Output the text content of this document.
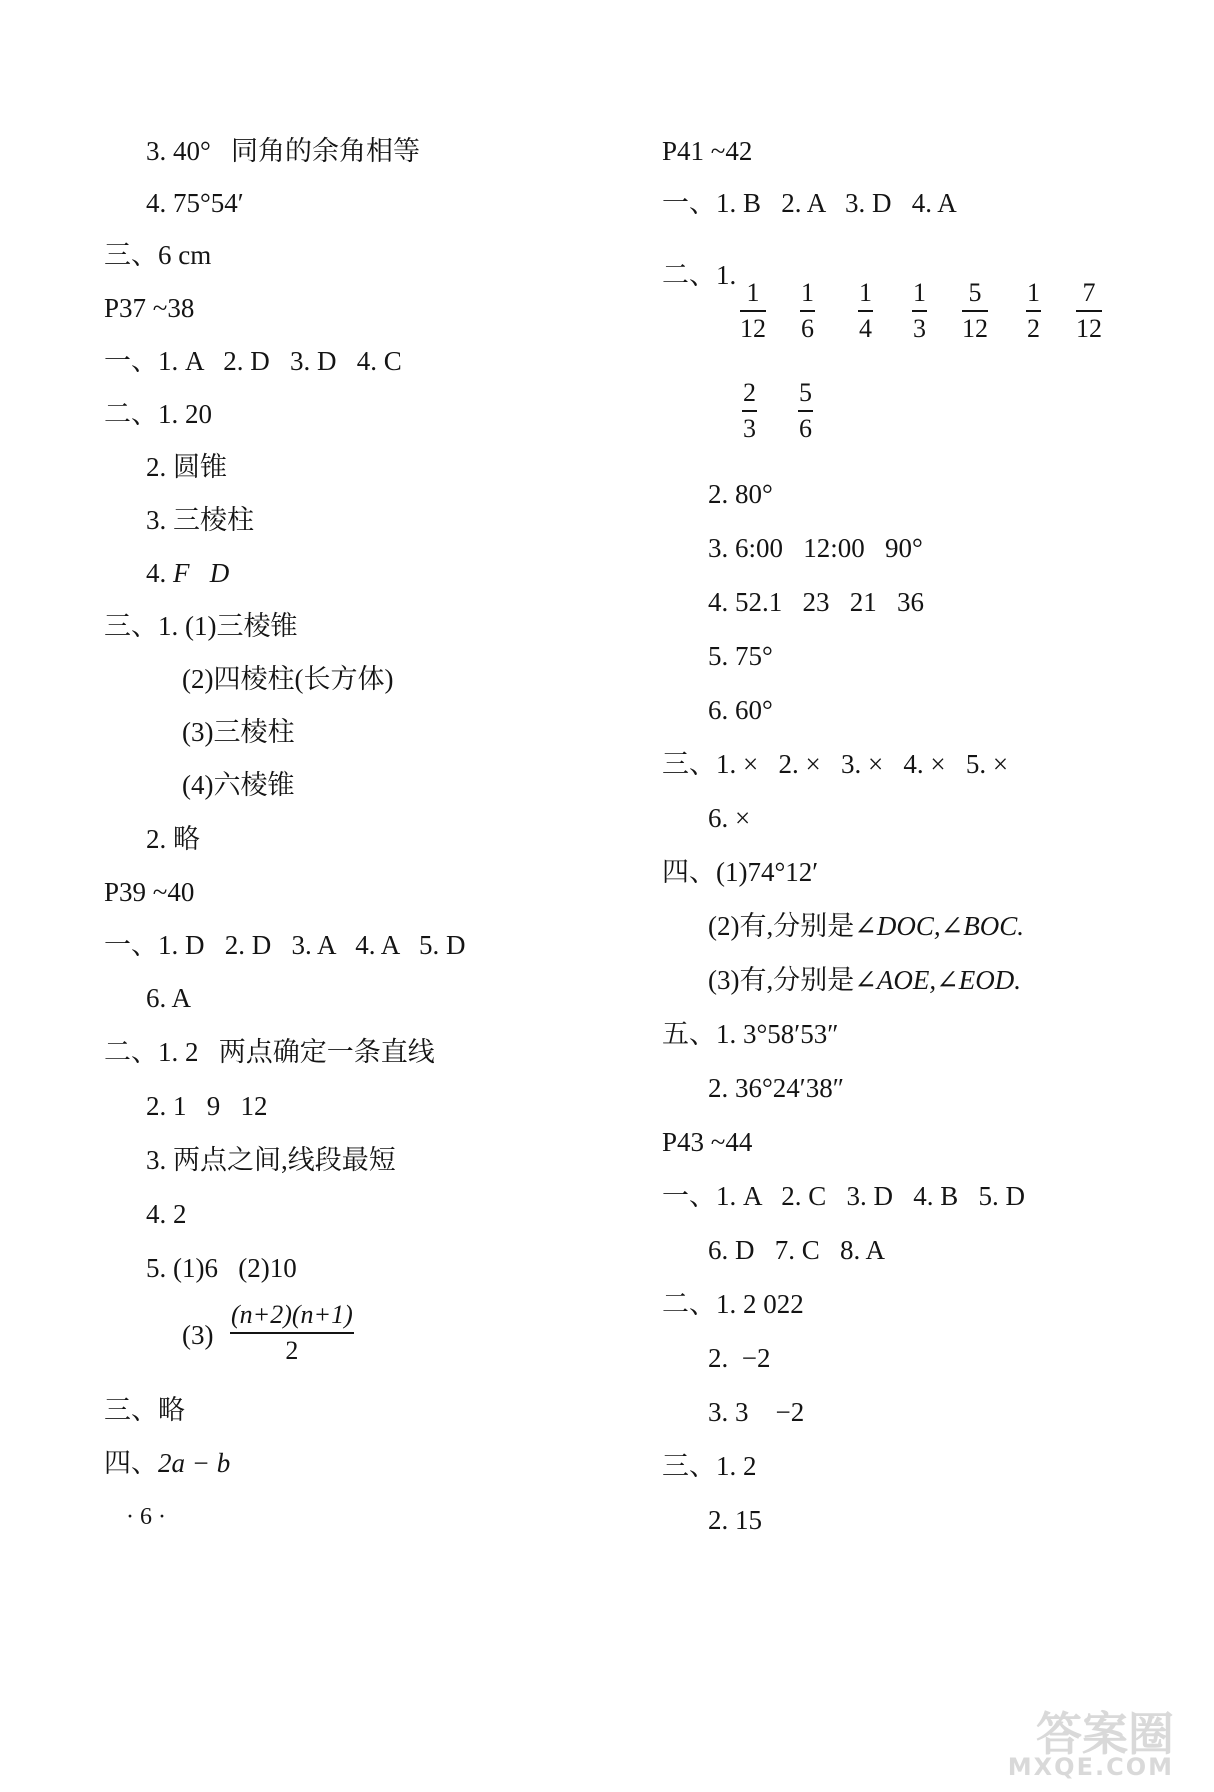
3. 40°   同角的余角相等
4. 75°54′
三、6 cm
P37 ~38
一、1. A   2. D   3. D   4. C
二、1. 20
2. 圆锥
3. 三棱柱
4. F D
三、1. (1)三棱锥
(2)四棱柱(长方体)
(3)三棱柱
(4)六棱锥
2. 略
P39 ~40
一、1. D   2. D   3. A   4. A   5. D
6. A
二、1. 2   两点确定一条直线
2. 1   9   12
3. 两点之间,线段最短
4. 2
5. (1)6   (2)10
$(3) \frac{(n+2)(n+1)}{2}$
三、略
四、2a − b
· 6 ·
P41 ~42
一、1. B   2. A   3. D   4. A
二、1.
$\frac{1}{12} \frac{1}{6} \frac{1}{4} \frac{1}{3} \frac{5}{12} \frac{1}{2} \frac{7}{12}$
$\frac{2}{3} \frac{5}{6}$
2. 80°
3. 6:00   12:00   90°
4. 52.1   23   21   36
5. 75°
6. 60°
三、1. ×   2. ×   3. ×   4. ×   5. ×
6. ×
四、(1)74°12′
(2)有,分别是∠DOC,∠BOC.
(3)有,分别是∠AOE,∠EOD.
五、1. 3°58′53″
2. 36°24′38″
P43 ~44
一、1. A   2. C   3. D   4. B   5. D
6. D   7. C   8. A
二、1. 2 022
2.  −2
3. 3    −2
三、1. 2
2. 15
答案圈
MXQE.COM
